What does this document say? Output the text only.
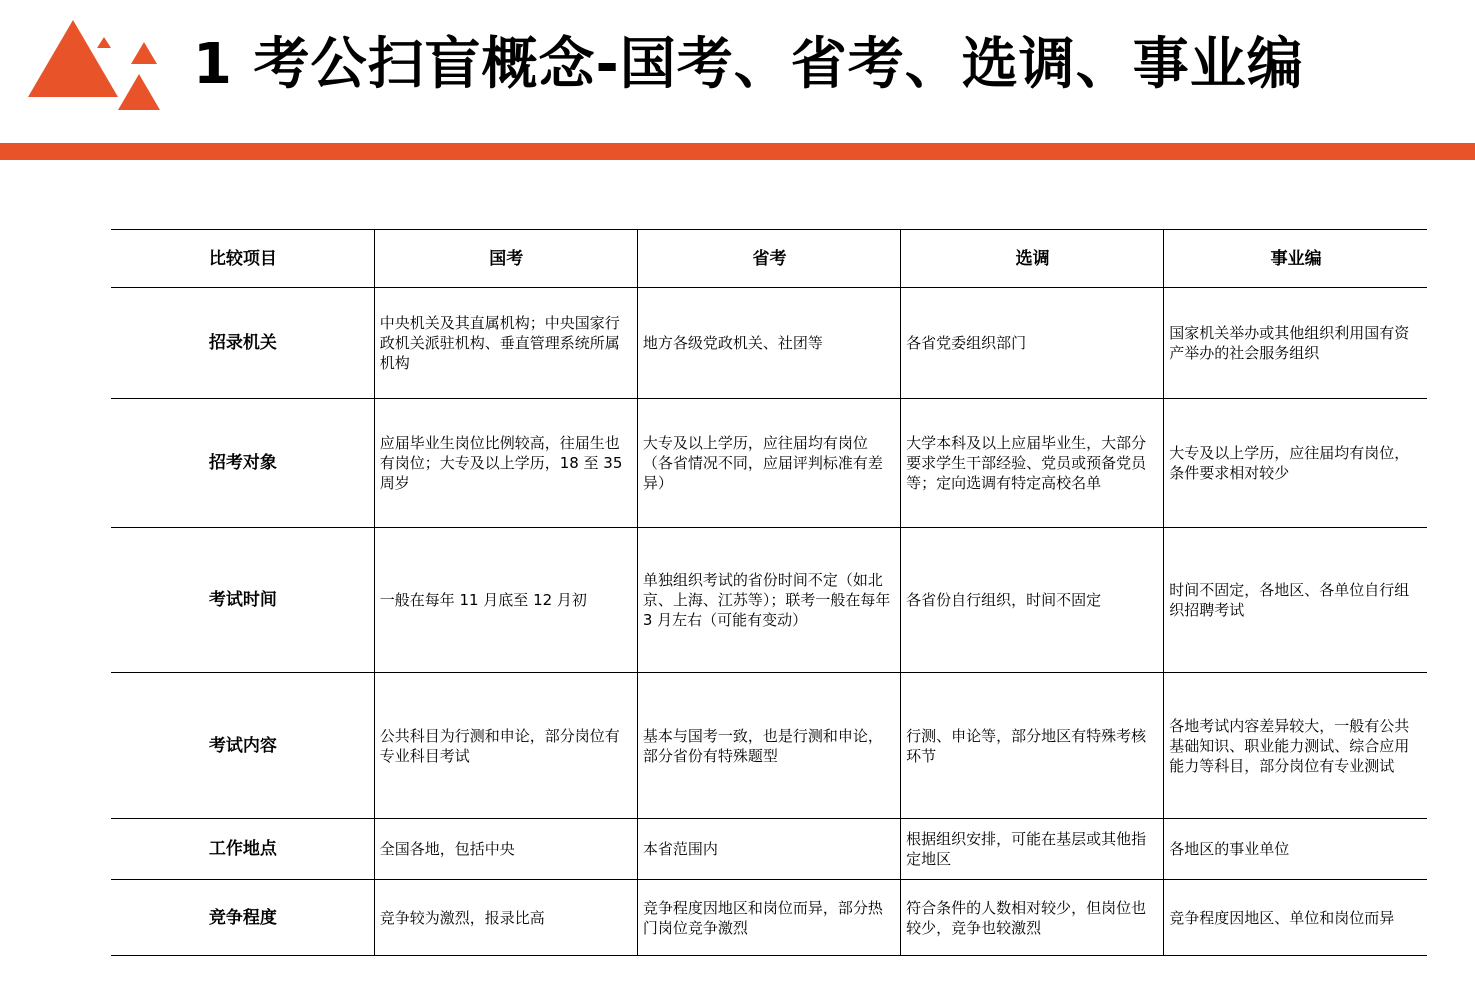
1 考公扫盲概念-国考、省考、选调、事业编
比较项目	国考	省考	选调	事业编
招录机关	中央机关及其直属机构；中央国家行政机关派驻机构、垂直管理系统所属机构	地方各级党政机关、社团等	各省党委组织部门	国家机关举办或其他组织利用国有资产举办的社会服务组织
招考对象	应届毕业生岗位比例较高，往届生也有岗位；大专及以上学历，18 至 35 周岁	大专及以上学历，应往届均有岗位（各省情况不同，应届评判标准有差异）	大学本科及以上应届毕业生，大部分要求学生干部经验、党员或预备党员等；定向选调有特定高校名单	大专及以上学历，应往届均有岗位，条件要求相对较少
考试时间	一般在每年 11 月底至 12 月初	单独组织考试的省份时间不定（如北京、上海、江苏等）；联考一般在每年 3 月左右（可能有变动）	各省份自行组织，时间不固定	时间不固定，各地区、各单位自行组织招聘考试
考试内容	公共科目为行测和申论，部分岗位有专业科目考试	基本与国考一致，也是行测和申论，部分省份有特殊题型	行测、申论等，部分地区有特殊考核环节	各地考试内容差异较大，一般有公共基础知识、职业能力测试、综合应用能力等科目，部分岗位有专业测试
工作地点	全国各地，包括中央	本省范围内	根据组织安排，可能在基层或其他指定地区	各地区的事业单位
竞争程度	竞争较为激烈，报录比高	竞争程度因地区和岗位而异，部分热门岗位竞争激烈	符合条件的人数相对较少，但岗位也较少，竞争也较激烈	竞争程度因地区、单位和岗位而异
